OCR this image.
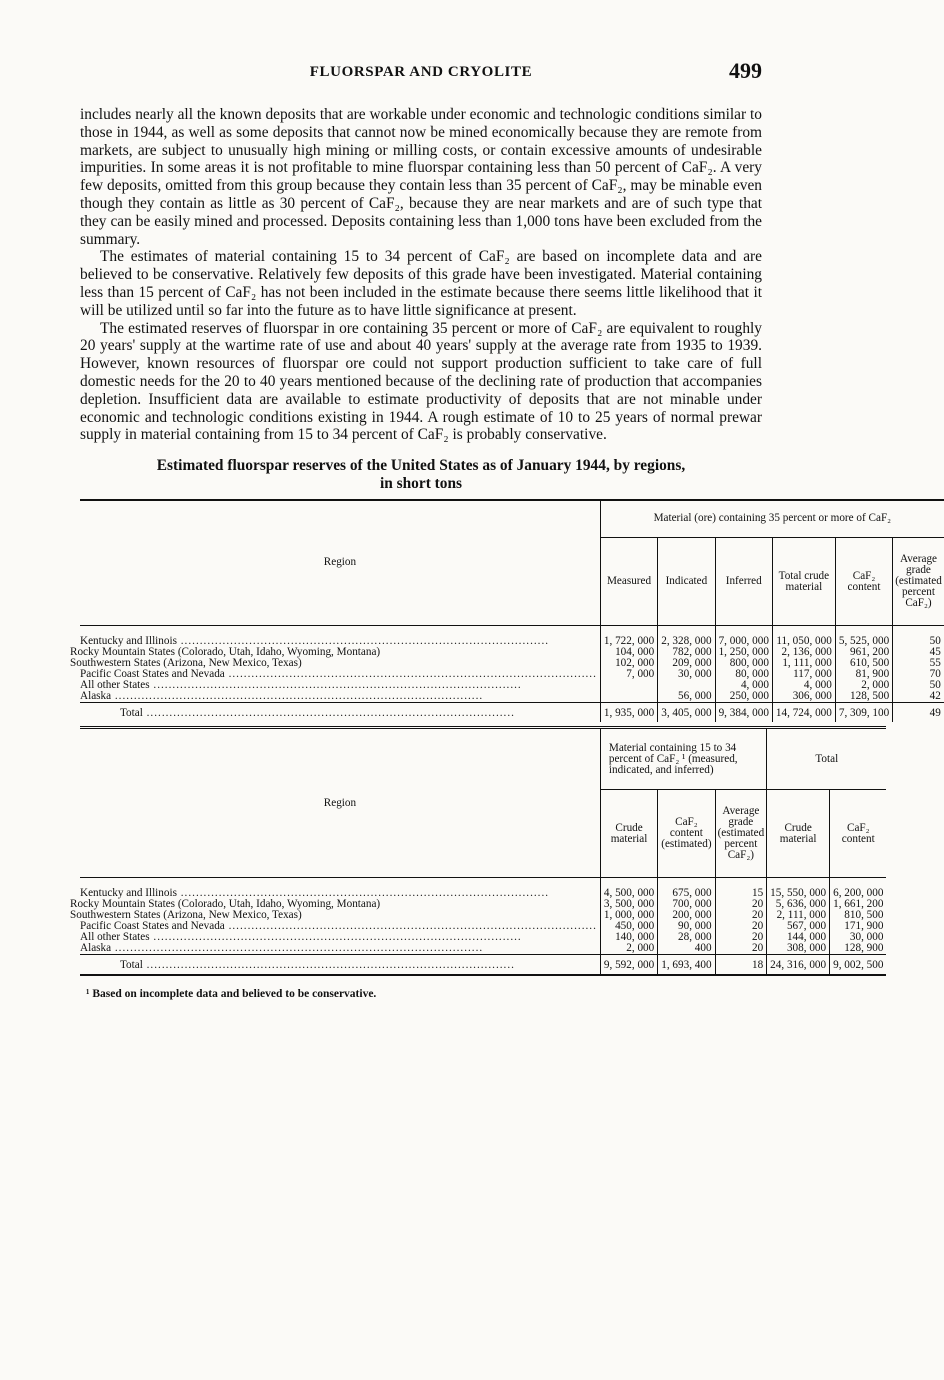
FLUORSPAR AND CRYOLITE	499

includes nearly all the known deposits that are workable under economic and technologic conditions similar to those in 1944, as well as some deposits that cannot now be mined economically because they are remote from markets, are subject to unusually high mining or milling costs, or contain excessive amounts of undesirable impurities. In some areas it is not profitable to mine fluorspar containing less than 50 percent of CaF₂. A very few deposits, omitted from this group because they contain less than 35 percent of CaF₂, may be minable even though they contain as little as 30 percent of CaF₂, because they are near markets and are of such type that they can be easily mined and processed. Deposits containing less than 1,000 tons have been excluded from the summary.

The estimates of material containing 15 to 34 percent of CaF₂ are based on incomplete data and are believed to be conservative. Relatively few deposits of this grade have been investigated. Material containing less than 15 percent of CaF₂ has not been included in the estimate because there seems little likelihood that it will be utilized until so far into the future as to have little significance at present.

The estimated reserves of fluorspar in ore containing 35 percent or more of CaF₂ are equivalent to roughly 20 years' supply at the wartime rate of use and about 40 years' supply at the average rate from 1935 to 1939. However, known resources of fluorspar ore could not support production sufficient to take care of full domestic needs for the 20 to 40 years mentioned because of the declining rate of production that accompanies depletion. Insufficient data are available to estimate productivity of deposits that are not minable under economic and technologic conditions existing in 1944. A rough estimate of 10 to 25 years of normal prewar supply in material containing from 15 to 34 percent of CaF₂ is probably conservative.

Estimated fluorspar reserves of the United States as of January 1944, by regions,
in short tons
Region	Material (ore) containing 35 percent or more of CaF₂					
	Measured	Indicated	Inferred	Total crude material	CaF₂ content	Average grade (estimated percent CaF₂)

Kentucky and Illinois .....	1, 722, 000	2, 328, 000	7, 000, 000	11, 050, 000	5, 525, 000	50
Rocky Mountain States (Colorado, Utah, Idaho, Wyoming, Montana)	104, 000	782, 000	1, 250, 000	2, 136, 000	961, 200	45
Southwestern States (Arizona, New Mexico, Texas)	102, 000	209, 000	800, 000	1, 111, 000	610, 500	55

Pacific Coast States and Nevada .....	7, 000	30, 000	80, 000	117, 000	81, 900	70

All other States .....			4, 000	4, 000	2, 000	50

Alaska .....		56, 000	250, 000	306, 000	128, 500	42

Total .....	1, 935, 000	3, 405, 000	9, 384, 000	14, 724, 000	7, 309, 100	49
Region	Material containing 15 to 34 percent of CaF₂ ¹ (measured, indicated, and inferred)			Total	
	Crude material	CaF₂ content (estimated)	Average grade (estimated percent CaF₂)	Crude material	CaF₂ content

Kentucky and Illinois .....	4, 500, 000	675, 000	15	15, 550, 000	6, 200, 000
Rocky Mountain States (Colorado, Utah, Idaho, Wyoming, Montana)	3, 500, 000	700, 000	20	5, 636, 000	1, 661, 200
Southwestern States (Arizona, New Mexico, Texas)	1, 000, 000	200, 000	20	2, 111, 000	810, 500

Pacific Coast States and Nevada .....	450, 000	90, 000	20	567, 000	171, 900

All other States .....	140, 000	28, 000	20	144, 000	30, 000

Alaska .....	2, 000	400	20	308, 000	128, 900

Total .....	9, 592, 000	1, 693, 400	18	24, 316, 000	9, 002, 500
¹ Based on incomplete data and believed to be conservative.
